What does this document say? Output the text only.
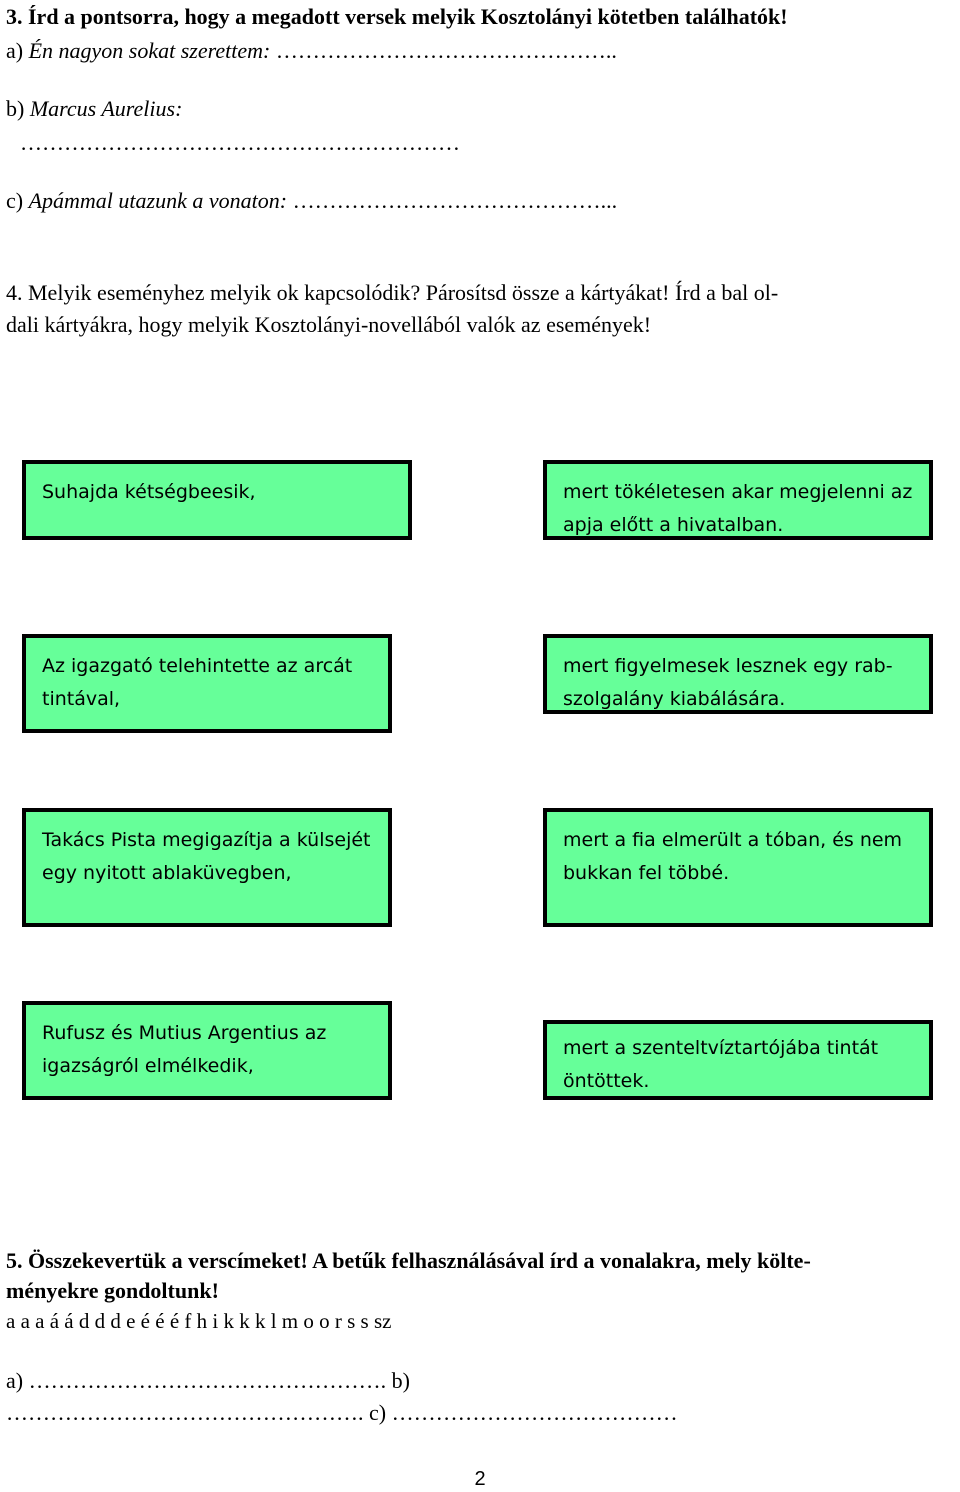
3. Írd a pontsorra, hogy a megadott versek melyik Kosztolányi kötetben találhatók!
a) Én nagyon sokat szerettem: ………………………………………..
b) Marcus Aurelius:
……………………………………………………
c) Apámmal utazunk a vonaton: ……………………………………...
4. Melyik eseményhez melyik ok kapcsolódik? Párosítsd össze a kártyákat! Írd a bal ol-
dali kártyákra, hogy melyik Kosztolányi-novellából valók az események!
Suhajda kétségbeesik,
Az igazgató telehintette az arcát
tintával,
Takács Pista megigazítja a külsejét
egy nyitott ablaküvegben,
Rufusz és Mutius Argentius az
igazságról elmélkedik,
mert tökéletesen akar megjelenni az
apja előtt a hivatalban.
mert figyelmesek lesznek egy rab-
szolgalány kiabálására.
mert a fia elmerült a tóban, és nem
bukkan fel többé.
mert a szenteltvíztartójába tintát
öntöttek.
5. Összekevertük a verscímeket! A betűk felhasználásával írd a vonalakra, mely költe-
ményekre gondoltunk!
a a a á á d d d e é é é f h i k k k l m o o r s s sz
a) …………………………………………. b)
…………………………………………. c) …………………………………
2
